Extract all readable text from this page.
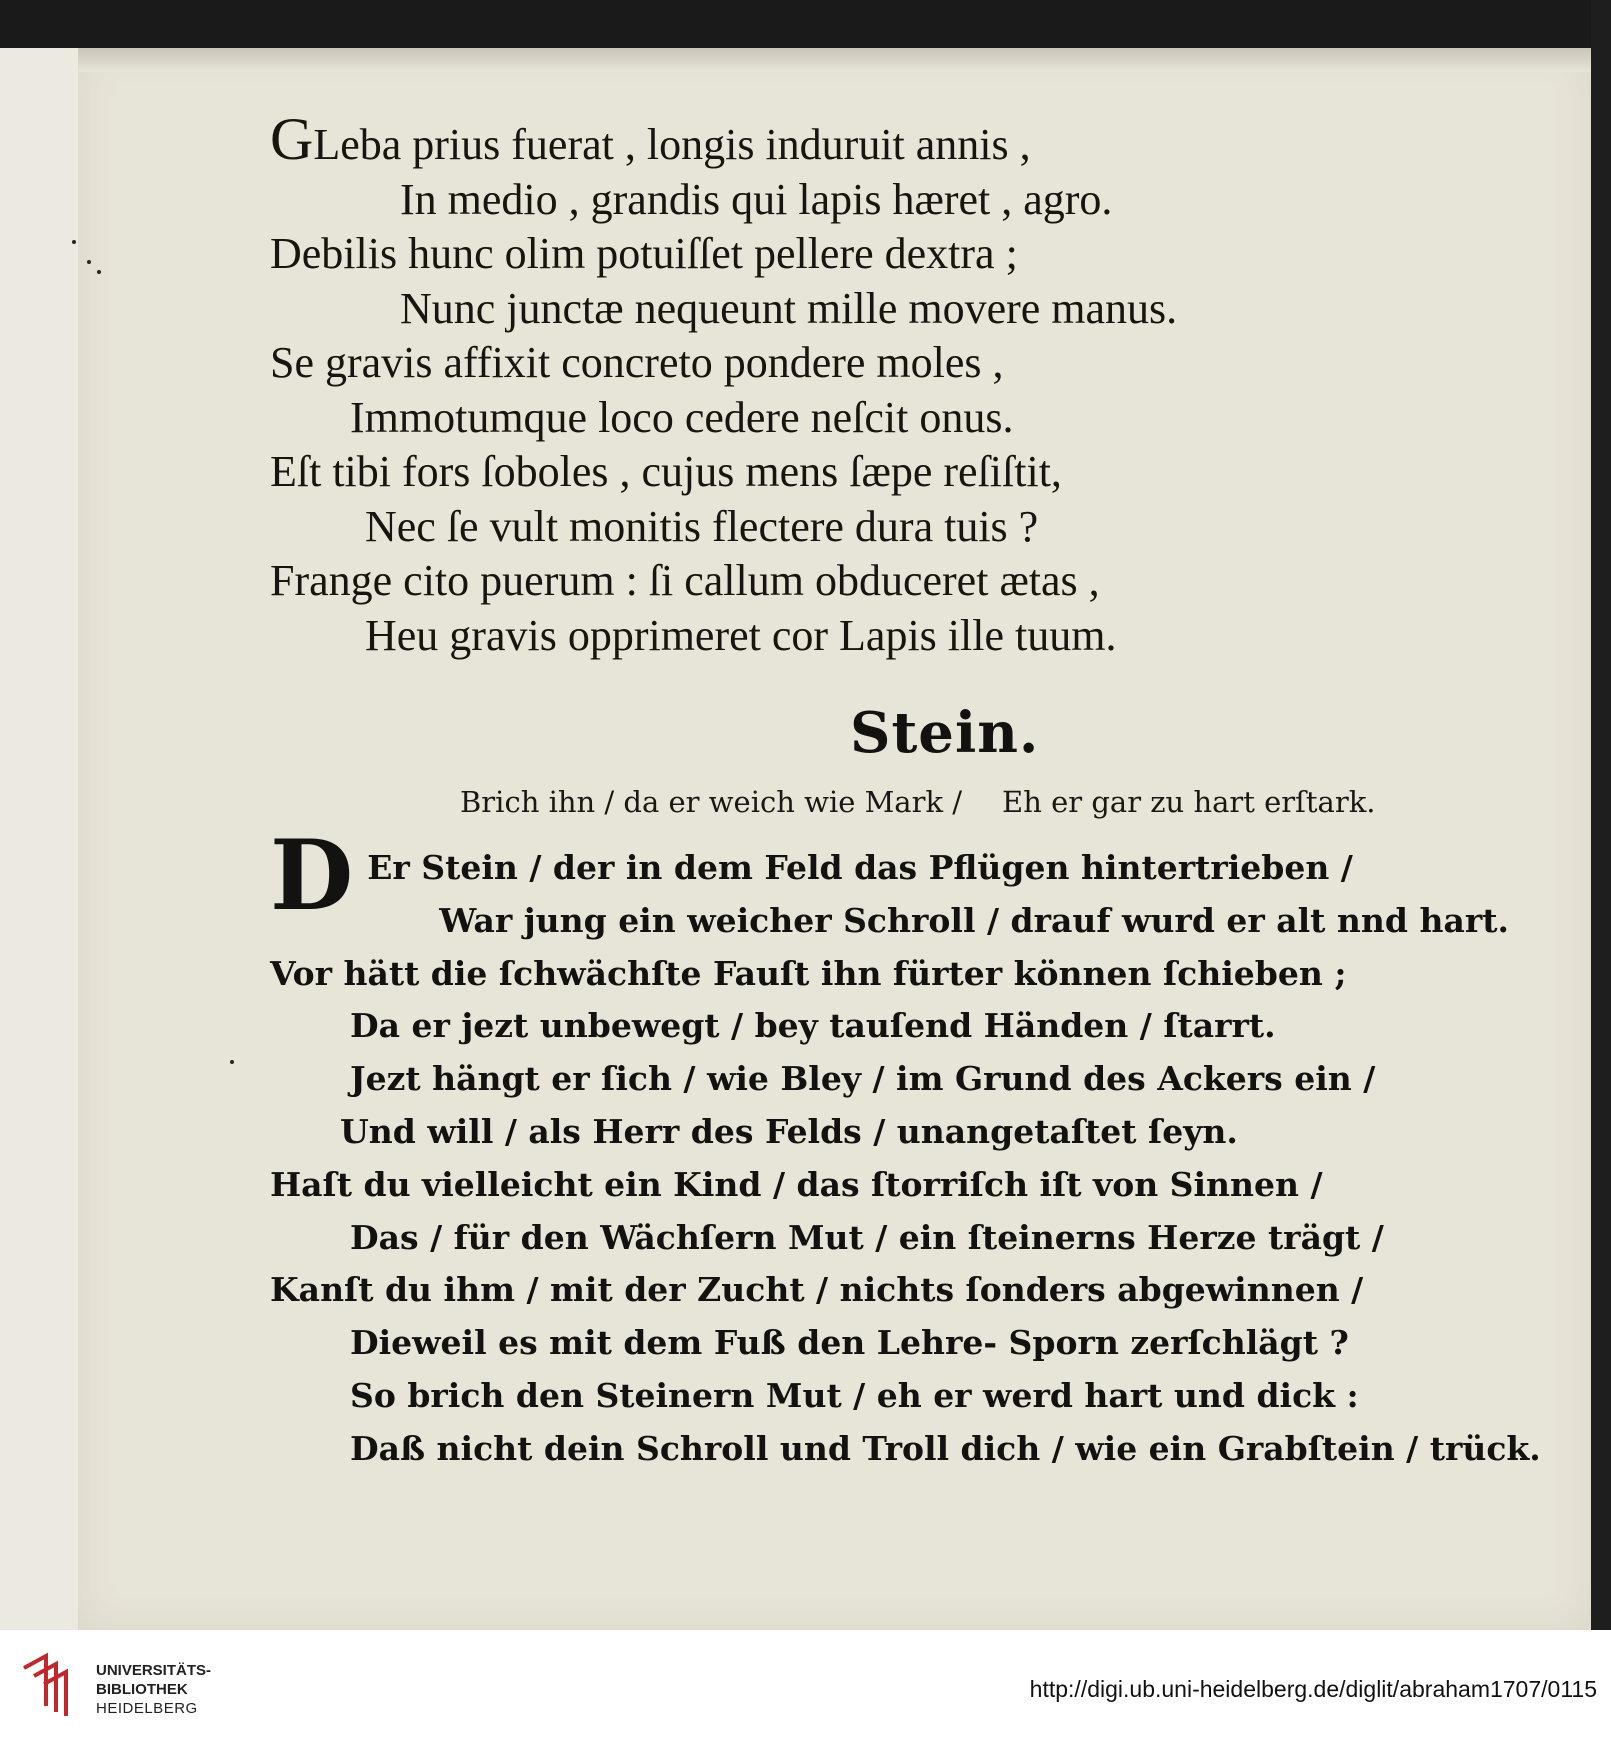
GLeba prius fuerat , longis induruit annis ,
In medio , grandis qui lapis hæret , agro.
Debilis hunc olim potuiſſet pellere dextra ;
Nunc junctæ nequeunt mille movere manus.
Se gravis affixit concreto pondere moles ,
Immotumque loco cedere neſcit onus.
Eſt tibi fors ſoboles , cujus mens ſæpe reſiſtit,
Nec ſe vult monitis flectere dura tuis ?
Frange cito puerum : ſi callum obduceret ætas ,
Heu gravis opprimeret cor Lapis ille tuum.
Stein.
Brich ihn / da er weich wie Mark / Eh er gar zu hart erſtark.
D Er Stein / der in dem Feld das Pflügen hintertrieben /
War jung ein weicher Schroll / drauf wurd er alt nnd hart.
Vor hätt die ſchwächſte Fauſt ihn fürter können ſchieben ;
Da er jezt unbewegt / bey tauſend Händen / ſtarrt.
Jezt hängt er ſich / wie Bley / im Grund des Ackers ein /
Und will / als Herr des Felds / unangetaſtet ſeyn.
Haſt du vielleicht ein Kind / das ſtorriſch iſt von Sinnen /
Das / für den Wächſern Mut / ein ſteinerns Herze trägt /
Kanſt du ihm / mit der Zucht / nichts ſonders abgewinnen /
Dieweil es mit dem Fuß den Lehre- Sporn zerſchlägt ?
So brich den Steinern Mut / eh er werd hart und dick :
Daß nicht dein Schroll und Troll dich / wie ein Grabſtein / trück.
UNIVERSITÄTS-
BIBLIOTHEK
HEIDELBERG
http://digi.ub.uni-heidelberg.de/diglit/abraham1707/0115
